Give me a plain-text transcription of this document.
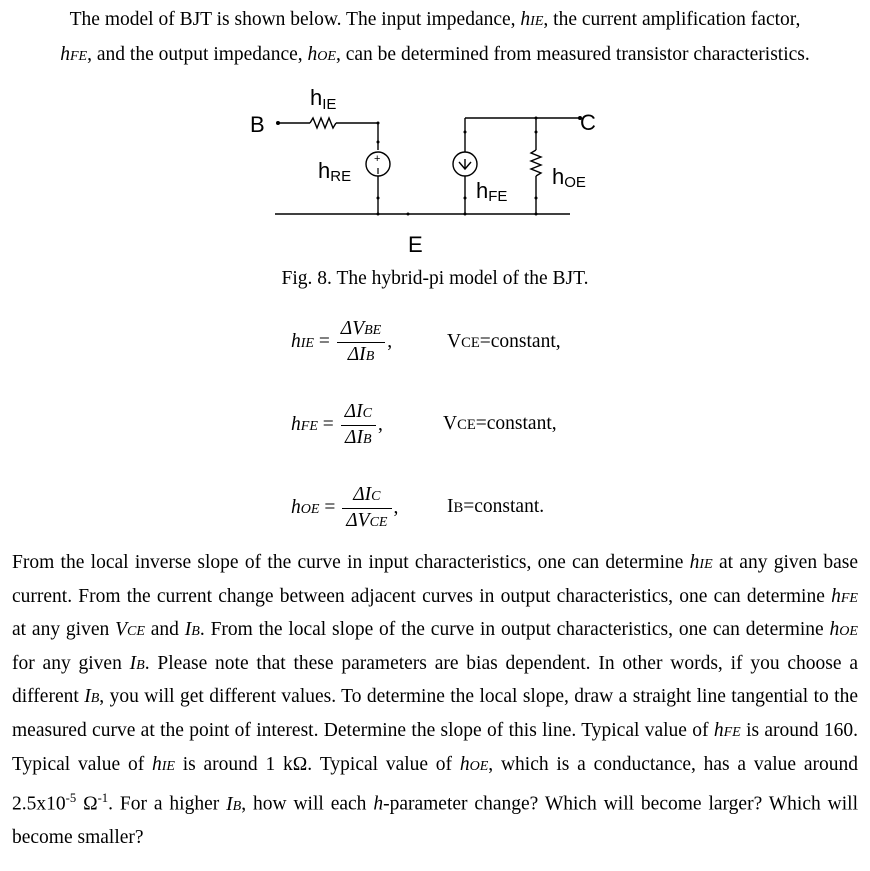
The model of BJT is shown below. The input impedance, hIE, the current amplification factor,

hFE, and the output impedance, hOE, can be determined from measured transistor characteristics.

+
hIE
B	C
E
hRE
hFE
hOE
Fig. 8. The hybrid-pi model of the BJT.
hIE = $\frac{\text{ΔVBE}}{\text{ΔIB}}$ ,	VCE=constant,
hFE = $\frac{\text{ΔIC}}{\text{ΔIB}}$ ,	VCE=constant,
hOE = $\frac{\text{ΔIC}}{\text{ΔVCE}}$ , IB=constant.

From the local inverse slope of the curve in input characteristics, one can determine hIE at any given base current. From the current change between adjacent curves in output characteristics, one can determine hFE at any given VCE and IB. From the local slope of the curve in output characteristics, one can determine hOE for any given IB. Please note that these parameters are bias dependent. In other words, if you choose a different IB, you will get different values. To determine the local slope, draw a straight line tangential to the measured curve at the point of interest. Determine the slope of this line. Typical value of hFE is around 160. Typical value of hIE is around 1 kΩ. Typical value of hOE, which is a conductance, has a value around $2.5x10^{-5}$ $\Omega^{-1}$. For a higher IB, how will each h-parameter change? Which will become larger? Which will become smaller?
